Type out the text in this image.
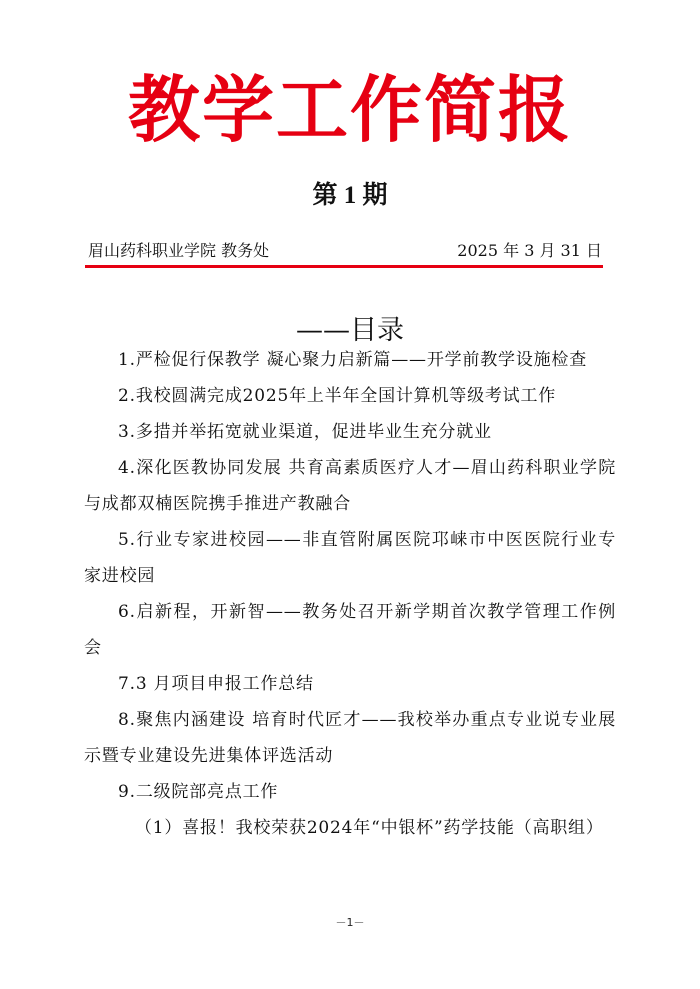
教学工作简报
第 1 期
眉山药科职业学院 教务处	2025 年 3 月 31 日
——目录

1.严检促行保教学 凝心聚力启新篇——开学前教学设施检查

2.我校圆满完成2025年上半年全国计算机等级考试工作

3.多措并举拓宽就业渠道，促进毕业生充分就业

4.深化医教协同发展 共育高素质医疗人才—眉山药科职业学院与成都双楠医院携手推进产教融合

5.行业专家进校园——非直管附属医院邛崃市中医医院行业专家进校园

6.启新程，开新智——教务处召开新学期首次教学管理工作例会

7.3 月项目申报工作总结

8.聚焦内涵建设 培育时代匠才——我校举办重点专业说专业展示暨专业建设先进集体评选活动

9.二级院部亮点工作

（1）喜报！我校荣获2024年“中银杯”药学技能（高职组）

－1－
